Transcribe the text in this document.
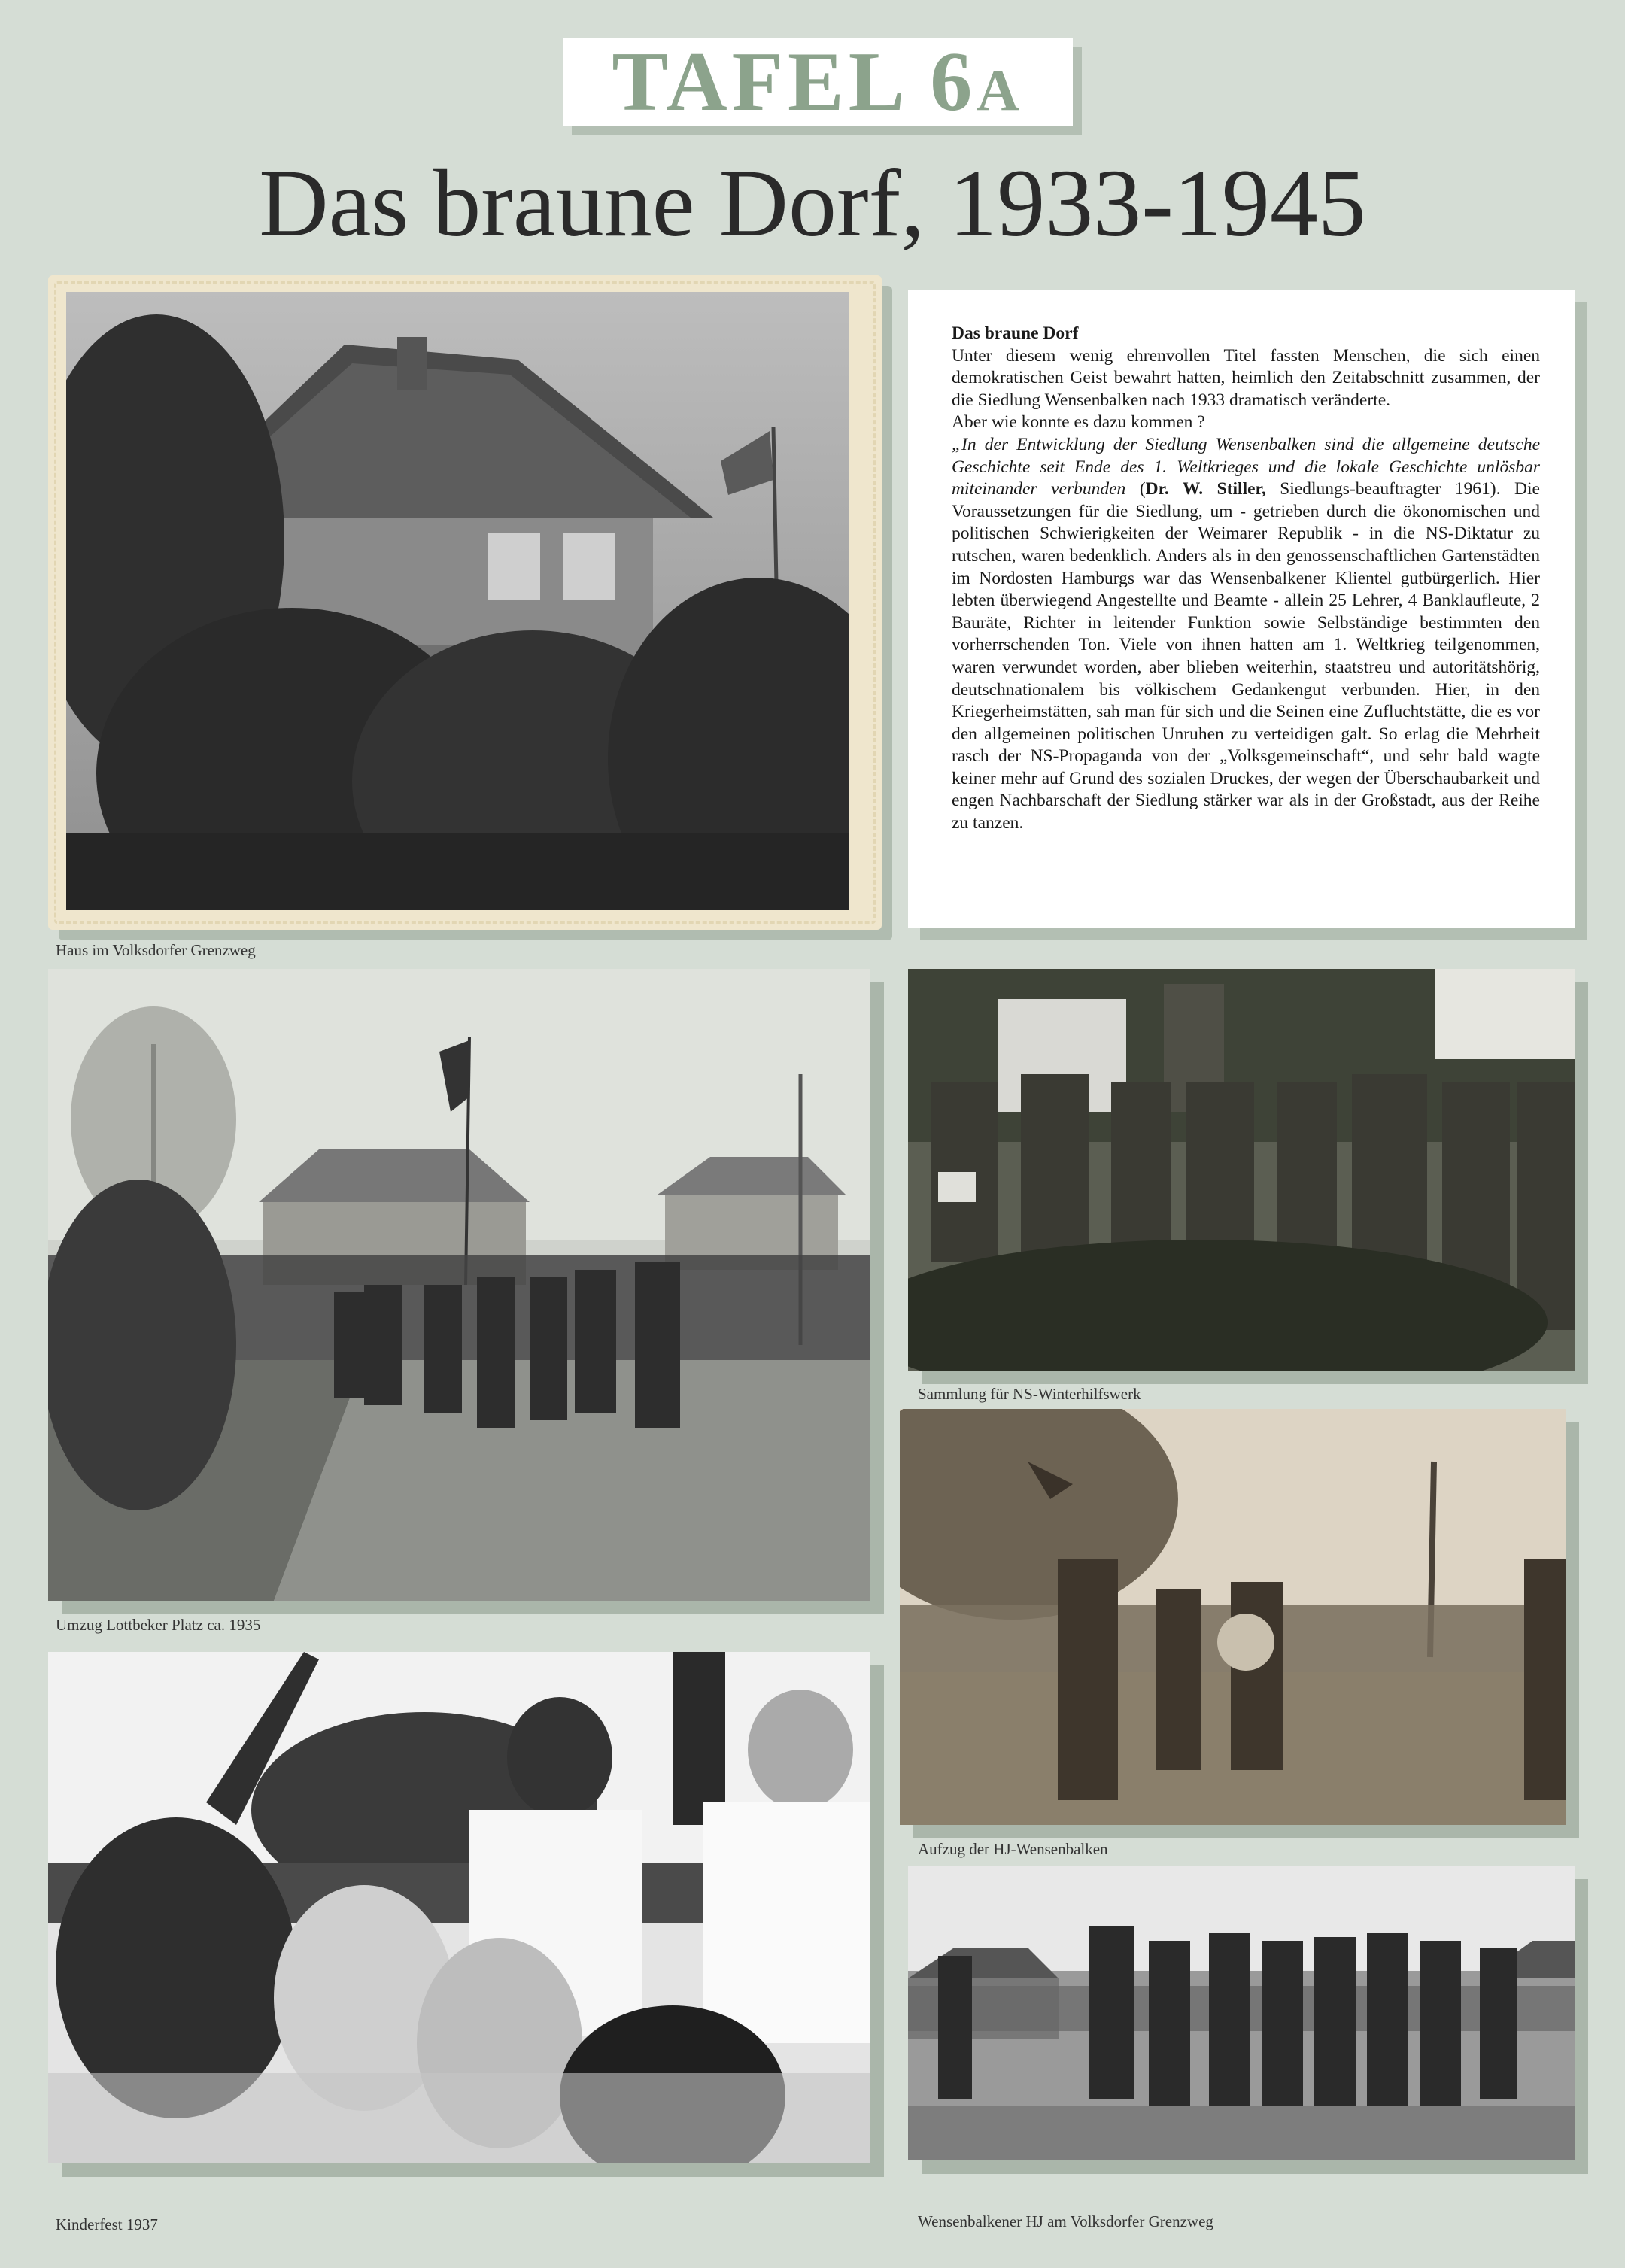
TAFEL 6A
Das braune Dorf, 1933-1945
Haus im Volksdorfer Grenzweg

Das braune Dorf

Unter diesem wenig ehrenvollen Titel fassten Menschen, die sich einen demokratischen Geist bewahrt hatten, heimlich den Zeitabschnitt zusammen, der die Siedlung Wensenbalken nach 1933 dramatisch veränderte.

Aber wie konnte es dazu kommen ?

„In der Entwicklung der Siedlung Wensenbalken sind die allgemeine deutsche Geschichte seit Ende des 1. Weltkrieges und die lokale Geschichte unlösbar miteinander verbunden (Dr. W. Stiller, Siedlungs-beauftragter 1961). Die Voraussetzungen für die Siedlung, um - getrieben durch die ökonomischen und politischen Schwierigkeiten der Weimarer Republik - in die NS-Diktatur zu rutschen, waren bedenklich. Anders als in den genossenschaftlichen Gartenstädten im Nordosten Hamburgs war das Wensenbalkener Klientel gutbürgerlich. Hier lebten überwiegend Angestellte und Beamte - allein 25 Lehrer, 4 Banklaufleute, 2 Bauräte, Richter in leitender Funktion sowie Selbständige bestimmten den vorherrschenden Ton. Viele von ihnen hatten am 1. Weltkrieg teilgenommen, waren verwundet worden, aber blieben weiterhin, staatstreu und autoritätshörig, deutschnationalem bis völkischem Gedankengut verbunden. Hier, in den Kriegerheimstätten, sah man für sich und die Seinen eine Zufluchtstätte, die es vor den allgemeinen politischen Unruhen zu verteidigen galt. So erlag die Mehrheit rasch der NS-Propaganda von der „Volksgemeinschaft“, und sehr bald wagte keiner mehr auf Grund des sozialen Druckes, der wegen der Überschaubarkeit und engen Nachbarschaft der Siedlung stärker war als in der Großstadt, aus der Reihe zu tanzen.

Umzug Lottbeker Platz ca. 1935
Sammlung für NS-Winterhilfswerk
Aufzug der HJ-Wensenbalken
Kinderfest 1937	Wensenbalkener HJ am Volksdorfer Grenzweg
